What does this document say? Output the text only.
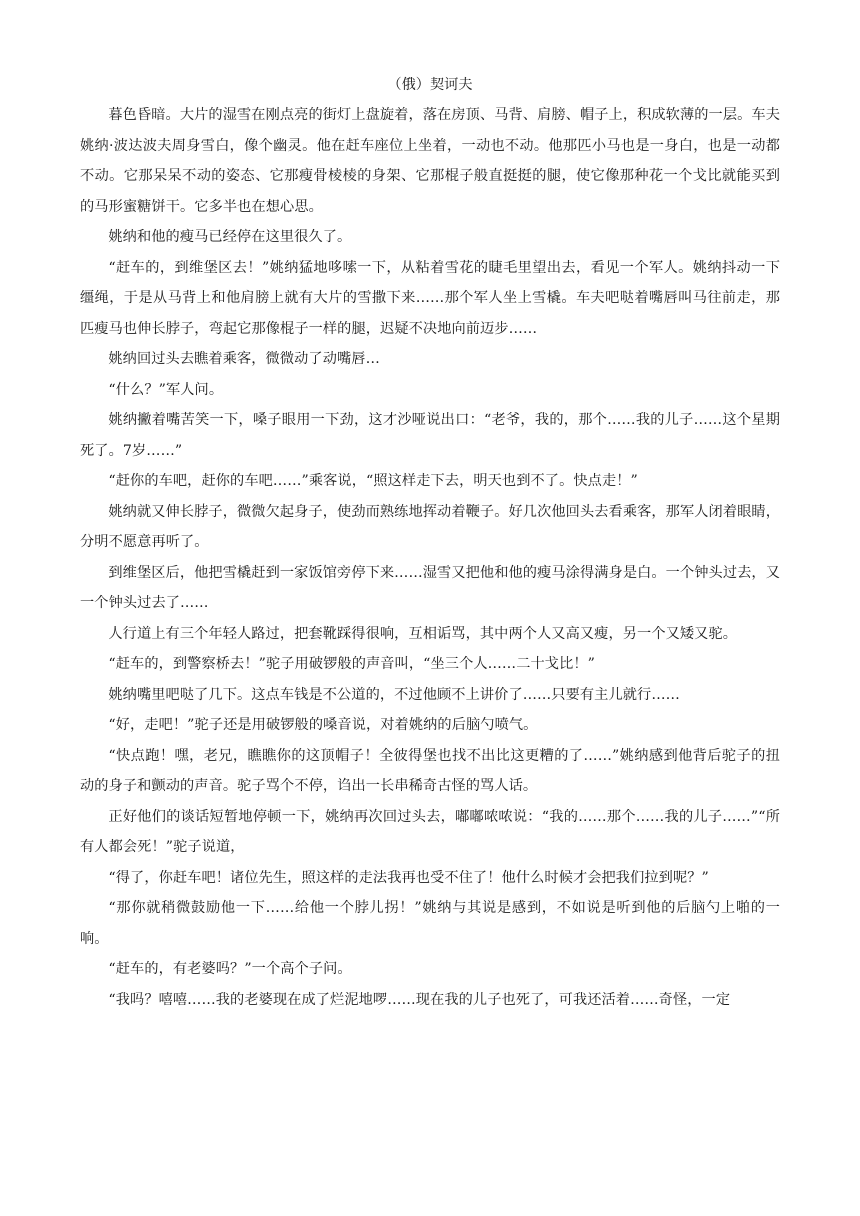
（俄）契诃夫

暮色昏暗。大片的湿雪在刚点亮的街灯上盘旋着，落在房顶、马背、肩膀、帽子上，积成软薄的一层。车夫姚纳·波达波夫周身雪白，像个幽灵。他在赶车座位上坐着，一动也不动。他那匹小马也是一身白，也是一动都不动。它那呆呆不动的姿态、它那瘦骨棱棱的身架、它那棍子般直挺挺的腿，使它像那种花一个戈比就能买到的马形蜜糖饼干。它多半也在想心思。

姚纳和他的瘦马已经停在这里很久了。

“赶车的，到维堡区去！”姚纳猛地哆嗦一下，从粘着雪花的睫毛里望出去，看见一个军人。姚纳抖动一下缰绳，于是从马背上和他肩膀上就有大片的雪撒下来……那个军人坐上雪橇。车夫吧哒着嘴唇叫马往前走，那匹瘦马也伸长脖子，弯起它那像棍子一样的腿，迟疑不决地向前迈步……

姚纳回过头去瞧着乘客，微微动了动嘴唇…

“什么？”军人问。

姚纳撇着嘴苦笑一下，嗓子眼用一下劲，这才沙哑说出口：“老爷，我的，那个……我的儿子……这个星期死了。7岁……”

“赶你的车吧，赶你的车吧……”乘客说，“照这样走下去，明天也到不了。快点走！”

姚纳就又伸长脖子，微微欠起身子，使劲而熟练地挥动着鞭子。好几次他回头去看乘客，那军人闭着眼睛，分明不愿意再听了。

到维堡区后，他把雪橇赶到一家饭馆旁停下来……湿雪又把他和他的瘦马涂得满身是白。一个钟头过去，又一个钟头过去了……

人行道上有三个年轻人路过，把套靴踩得很响，互相诟骂，其中两个人又高又瘦，另一个又矮又驼。

“赶车的，到警察桥去！”驼子用破锣般的声音叫，“坐三个人……二十戈比！”

姚纳嘴里吧哒了几下。这点车钱是不公道的，不过他顾不上讲价了……只要有主儿就行……

“好，走吧！”驼子还是用破锣般的嗓音说，对着姚纳的后脑勺喷气。

“快点跑！嘿，老兄，瞧瞧你的这顶帽子！全彼得堡也找不出比这更糟的了……”姚纳感到他背后驼子的扭动的身子和颤动的声音。驼子骂个不停，诌出一长串稀奇古怪的骂人话。

正好他们的谈话短暂地停顿一下，姚纳再次回过头去，嘟嘟哝哝说：“我的……那个……我的儿子……”“所有人都会死！”驼子说道，

“得了，你赶车吧！诸位先生，照这样的走法我再也受不住了！他什么时候才会把我们拉到呢？”

“那你就稍微鼓励他一下……给他一个脖儿拐！”姚纳与其说是感到，不如说是听到他的后脑勺上啪的一响。

“赶车的，有老婆吗？”一个高个子问。

“我吗？嘻嘻……我的老婆现在成了烂泥地啰……现在我的儿子也死了，可我还活着……奇怪，一定
